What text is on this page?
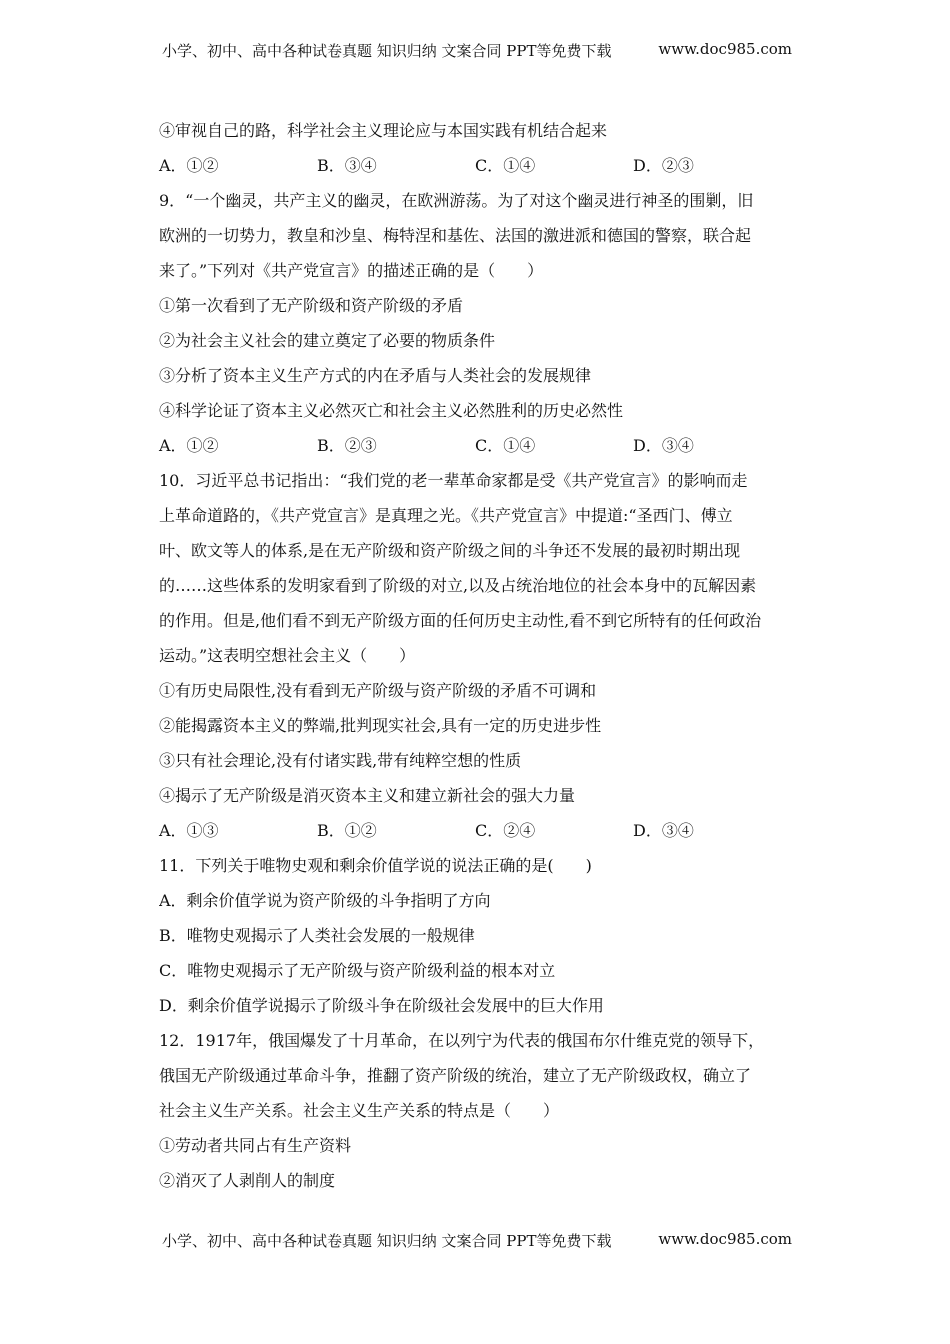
小学、初中、高中各种试卷真题 知识归纳 文案合同 PPT等免费下载	www.doc985.com
④审视自己的路，科学社会主义理论应与本国实践有机结合起来
A．①②	B．③④	C．①④	D．②③
9．“一个幽灵，共产主义的幽灵，在欧洲游荡。为了对这个幽灵进行神圣的围剿，旧
欧洲的一切势力，教皇和沙皇、梅特涅和基佐、法国的激进派和德国的警察，联合起
来了。”下列对《共产党宣言》的描述正确的是（　　）
①第一次看到了无产阶级和资产阶级的矛盾
②为社会主义社会的建立奠定了必要的物质条件
③分析了资本主义生产方式的内在矛盾与人类社会的发展规律
④科学论证了资本主义必然灭亡和社会主义必然胜利的历史必然性
A．①②	B．②③	C．①④	D．③④
10．习近平总书记指出：“我们党的老一辈革命家都是受《共产党宣言》的影响而走
上革命道路的，《共产党宣言》是真理之光。《共产党宣言》中提道:“圣西门、傅立
叶、欧文等人的体系,是在无产阶级和资产阶级之间的斗争还不发展的最初时期出现
的……这些体系的发明家看到了阶级的对立,以及占统治地位的社会本身中的瓦解因素
的作用。但是,他们看不到无产阶级方面的任何历史主动性,看不到它所特有的任何政治
运动。”这表明空想社会主义（　　）
①有历史局限性,没有看到无产阶级与资产阶级的矛盾不可调和
②能揭露资本主义的弊端,批判现实社会,具有一定的历史进步性
③只有社会理论,没有付诸实践,带有纯粹空想的性质
④揭示了无产阶级是消灭资本主义和建立新社会的强大力量
A．①③	B．①②	C．②④	D．③④
11．下列关于唯物史观和剩余价值学说的说法正确的是(　　)
A．剩余价值学说为资产阶级的斗争指明了方向
B．唯物史观揭示了人类社会发展的一般规律
C．唯物史观揭示了无产阶级与资产阶级利益的根本对立
D．剩余价值学说揭示了阶级斗争在阶级社会发展中的巨大作用
12．1917年，俄国爆发了十月革命，在以列宁为代表的俄国布尔什维克党的领导下，
俄国无产阶级通过革命斗争，推翻了资产阶级的统治，建立了无产阶级政权，确立了
社会主义生产关系。社会主义生产关系的特点是（　　）
①劳动者共同占有生产资料
②消灭了人剥削人的制度
小学、初中、高中各种试卷真题 知识归纳 文案合同 PPT等免费下载	www.doc985.com
